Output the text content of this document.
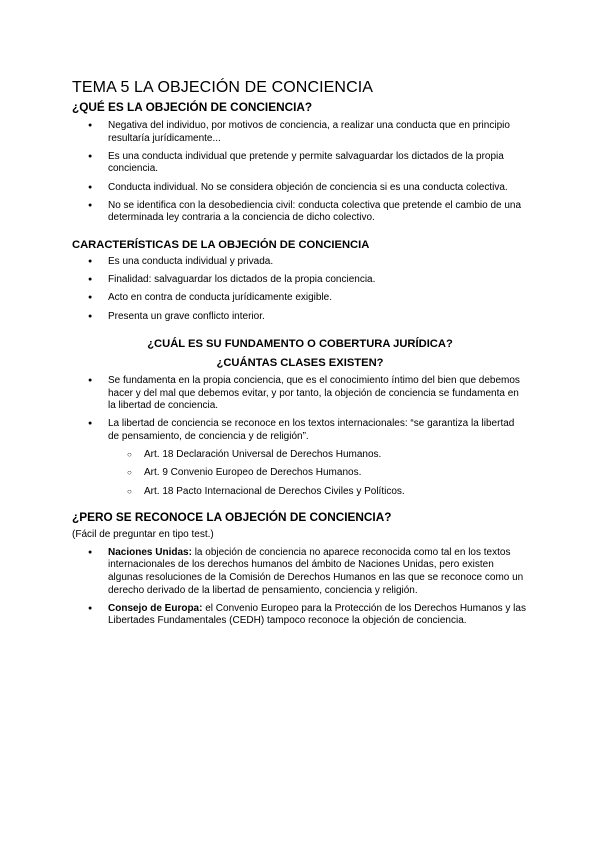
TEMA 5 LA OBJECIÓN DE CONCIENCIA
¿QUÉ ES LA OBJECIÓN DE CONCIENCIA?
● Negativa del individuo, por motivos de conciencia, a realizar una conducta que en principio resultaría jurídicamente...
● Es una conducta individual que pretende y permite salvaguardar los dictados de la propia conciencia.
● Conducta individual. No se considera objeción de conciencia si es una conducta colectiva.
● No se identifica con la desobediencia civil: conducta colectiva que pretende el cambio de una determinada ley contraria a la conciencia de dicho colectivo.
CARACTERÍSTICAS DE LA OBJECIÓN DE CONCIENCIA
● Es una conducta individual y privada.
● Finalidad: salvaguardar los dictados de la propia conciencia.
● Acto en contra de conducta jurídicamente exigible.
● Presenta un grave conflicto interior.
¿CUÁL ES SU FUNDAMENTO O COBERTURA JURÍDICA?
¿CUÁNTAS CLASES EXISTEN?
● Se fundamenta en la propia conciencia, que es el conocimiento íntimo del bien que debemos hacer y del mal que debemos evitar, y por tanto, la objeción de conciencia se fundamenta en la libertad de conciencia.
● La libertad de conciencia se reconoce en los textos internacionales: “se garantiza la libertad de pensamiento, de conciencia y de religión”.
○ Art. 18 Declaración Universal de Derechos Humanos.
○ Art. 9 Convenio Europeo de Derechos Humanos.
○ Art. 18 Pacto Internacional de Derechos Civiles y Políticos.
¿PERO SE RECONOCE LA OBJECIÓN DE CONCIENCIA?
(Fácil de preguntar en tipo test.)
● Naciones Unidas: la objeción de conciencia no aparece reconocida como tal en los textos internacionales de los derechos humanos del ámbito de Naciones Unidas, pero existen algunas resoluciones de la Comisión de Derechos Humanos en las que se reconoce como un derecho derivado de la libertad de pensamiento, conciencia y religión.
● Consejo de Europa: el Convenio Europeo para la Protección de los Derechos Humanos y las Libertades Fundamentales (CEDH) tampoco reconoce la objeción de conciencia.
